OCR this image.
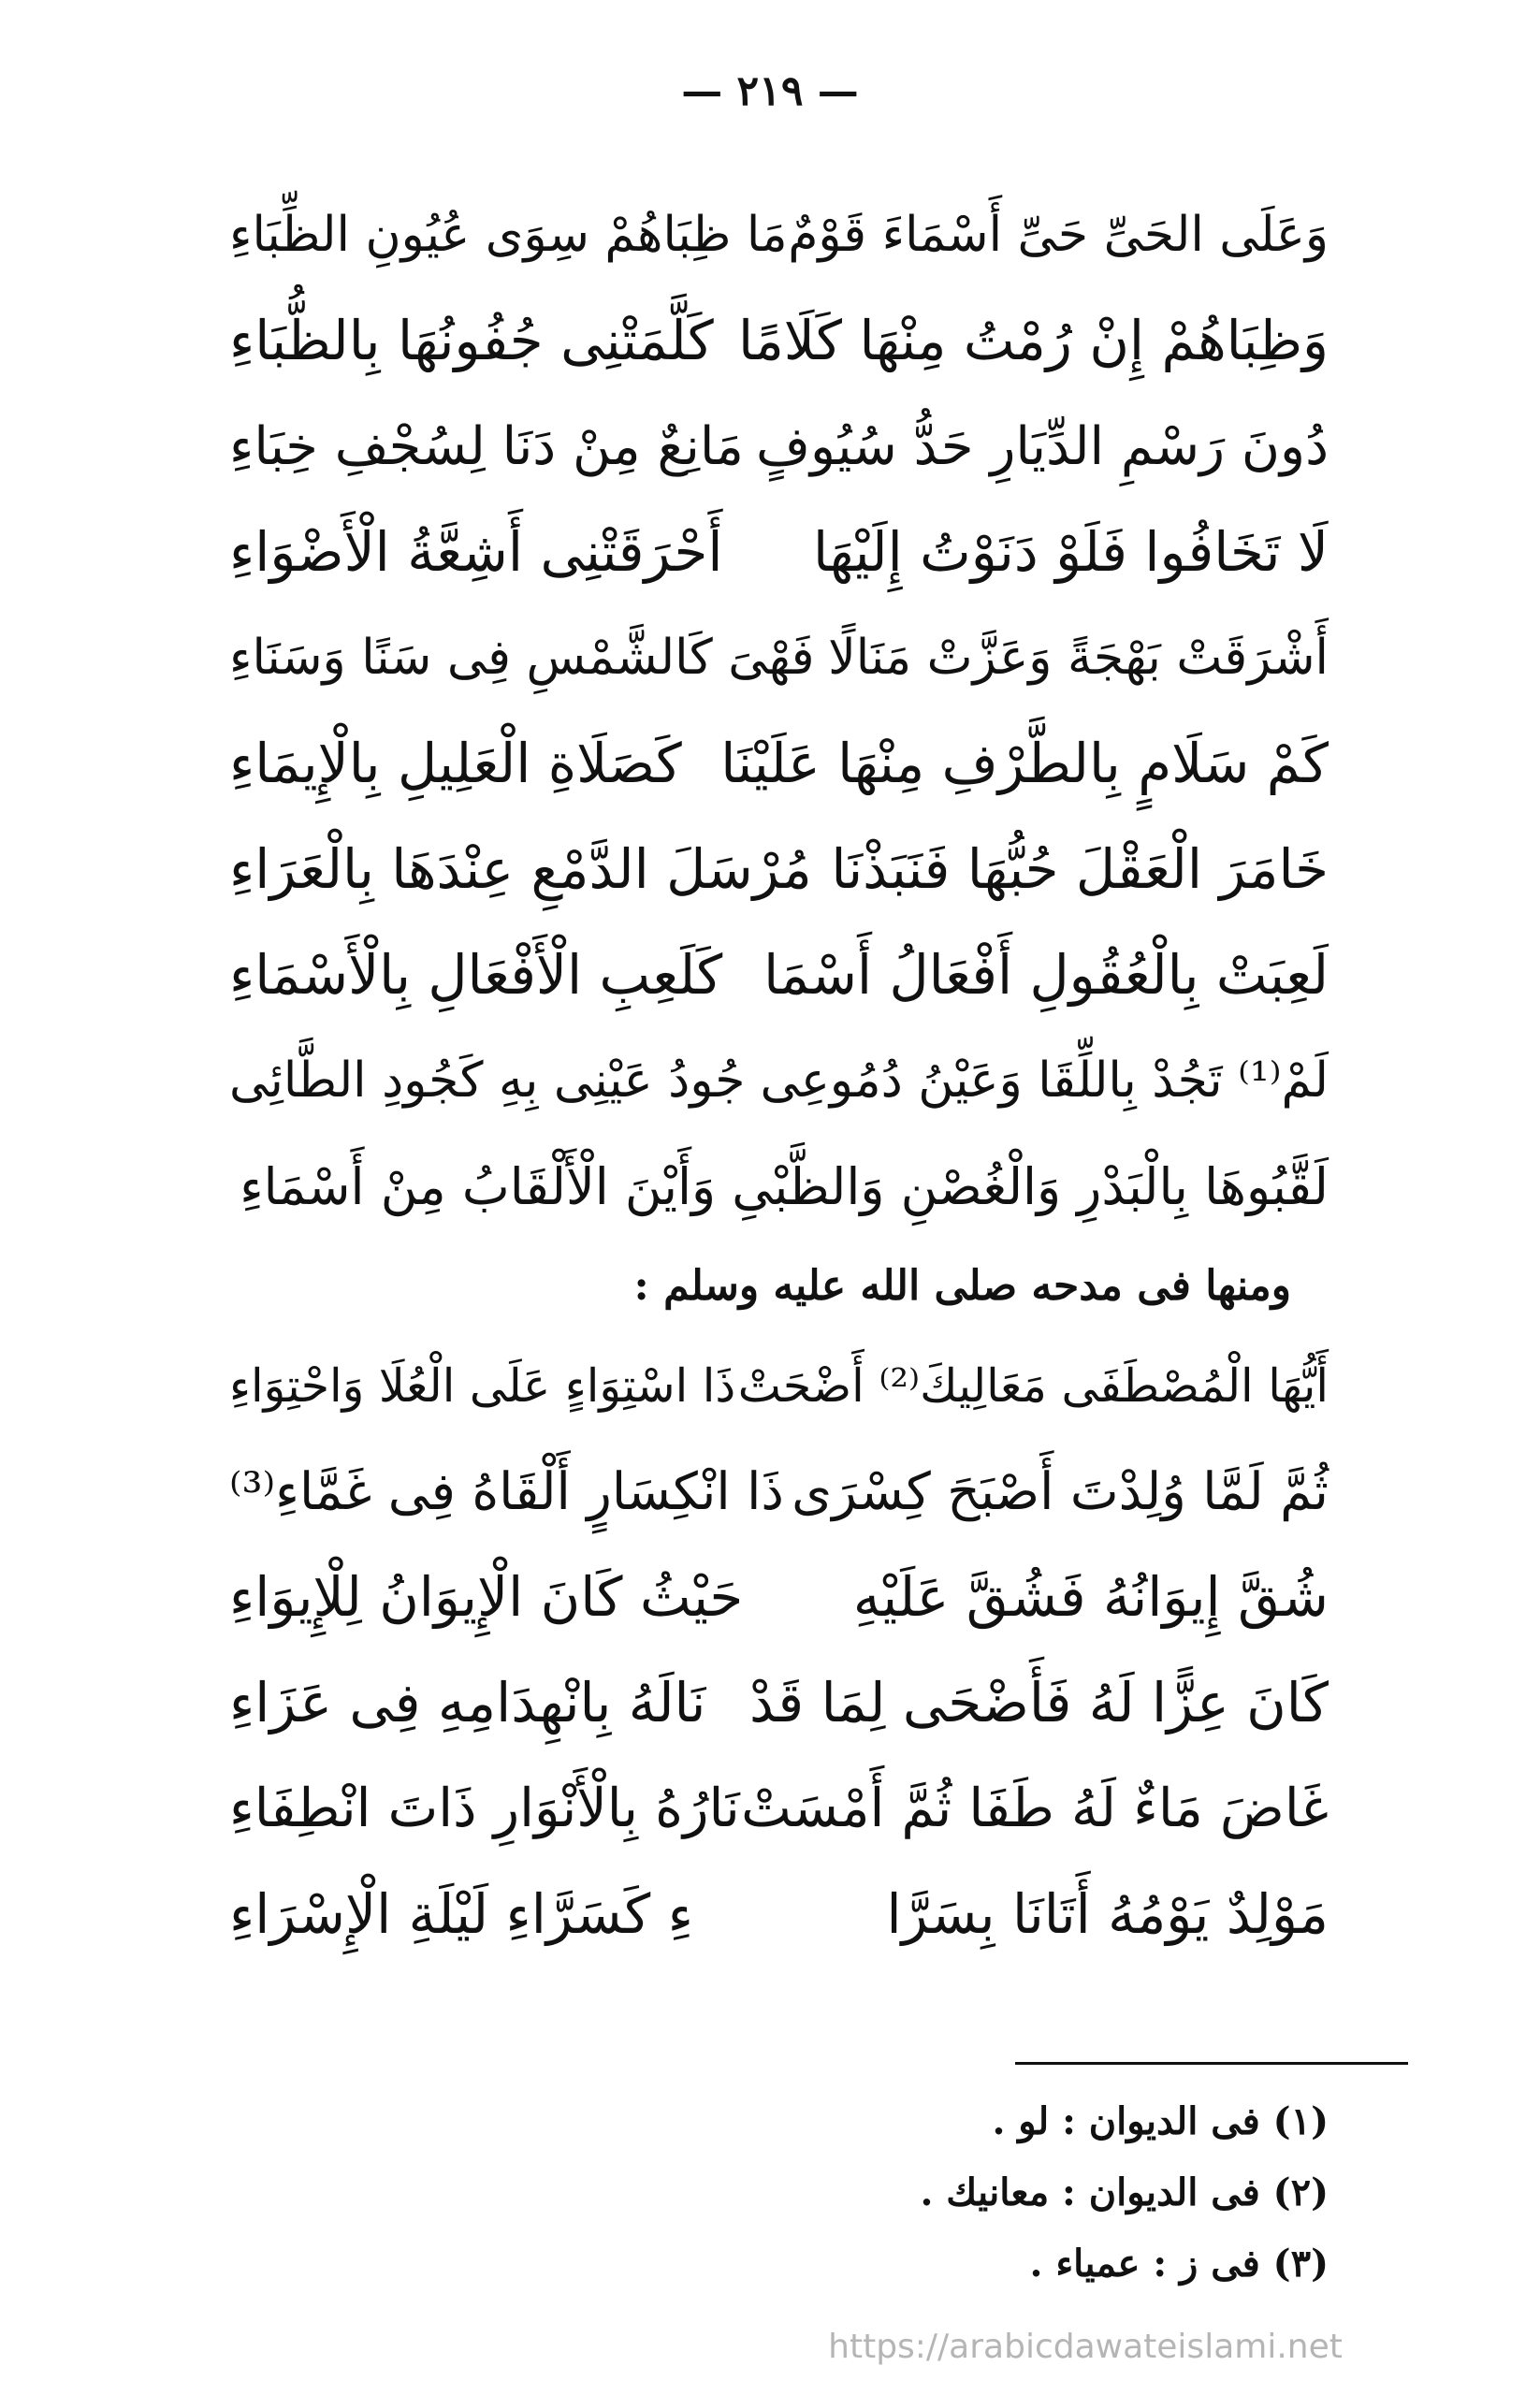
— ٢١٩ —
وَعَلَى الحَىِّ حَىِّ أَسْمَاءَ قَوْمٌ
مَا ظِبَاهُمْ سِوَى عُيُونِ الظِّبَاءِ
وَظِبَاهُمْ إِنْ رُمْتُ مِنْهَا كَلَامًا
كَلَّمَتْنِى جُفُونُهَا بِالظُّبَاءِ
دُونَ رَسْمِ الدِّيَارِ حَدُّ سُيُوفٍ
مَانِعٌ مِنْ دَنَا لِسُجْفِ خِبَاءِ
لَا تَخَافُوا فَلَوْ دَنَوْتُ إِلَيْهَا
أَحْرَقَتْنِى أَشِعَّةُ الْأَضْوَاءِ
أَشْرَقَتْ بَهْجَةً وَعَزَّتْ مَنَالًا
فَهْىَ كَالشَّمْسِ فِى سَنًا وَسَنَاءِ
كَمْ سَلَامٍ بِالطَّرْفِ مِنْهَا عَلَيْنَا
كَصَلَاةِ الْعَلِيلِ بِالْإِيمَاءِ
خَامَرَ الْعَقْلَ حُبُّهَا فَنَبَذْنَا
مُرْسَلَ الدَّمْعِ عِنْدَهَا بِالْعَرَاءِ
لَعِبَتْ بِالْعُقُولِ أَفْعَالُ أَسْمَا
كَلَعِبِ الْأَفْعَالِ بِالْأَسْمَاءِ
لَمْ⁽¹⁾ تَجُدْ بِاللِّقَا وَعَيْنُ دُمُوعِى
جُودُ عَيْنِى بِهِ كَجُودِ الطَّائِى
لَقَّبُوهَا بِالْبَدْرِ وَالْغُصْنِ وَالظَّبْىِ وَأَيْنَ الْأَلْقَابُ مِنْ أَسْمَاءِ
ومنها فى مدحه صلى الله عليه وسلم :
أَيُّهَا الْمُصْطَفَى مَعَالِيكَ⁽²⁾ أَضْحَتْ
ذَا اسْتِوَاءٍ عَلَى الْعُلَا وَاحْتِوَاءِ
ثُمَّ لَمَّا وُلِدْتَ أَصْبَحَ كِسْرَى
ذَا انْكِسَارٍ أَلْقَاهُ فِى غَمَّاءِ⁽³⁾
شُقَّ إِيوَانُهُ فَشُقَّ عَلَيْهِ
حَيْثُ كَانَ الْإِيوَانُ لِلْإِيوَاءِ
كَانَ عِزًّا لَهُ فَأَضْحَى لِمَا قَدْ
نَالَهُ بِانْهِدَامِهِ فِى عَزَاءِ
غَاضَ مَاءٌ لَهُ طَفَا ثُمَّ أَمْسَتْ
نَارُهُ بِالْأَنْوَارِ ذَاتَ انْطِفَاءِ
مَوْلِدٌ يَوْمُهُ أَتَانَا بِسَرَّا
ءِ كَسَرَّاءِ لَيْلَةِ الْإِسْرَاءِ
(١) فى الديوان : لو .
(٢) فى الديوان : معانيك .
(٣) فى ز : عمياء .
https://arabicdawateislami.net
